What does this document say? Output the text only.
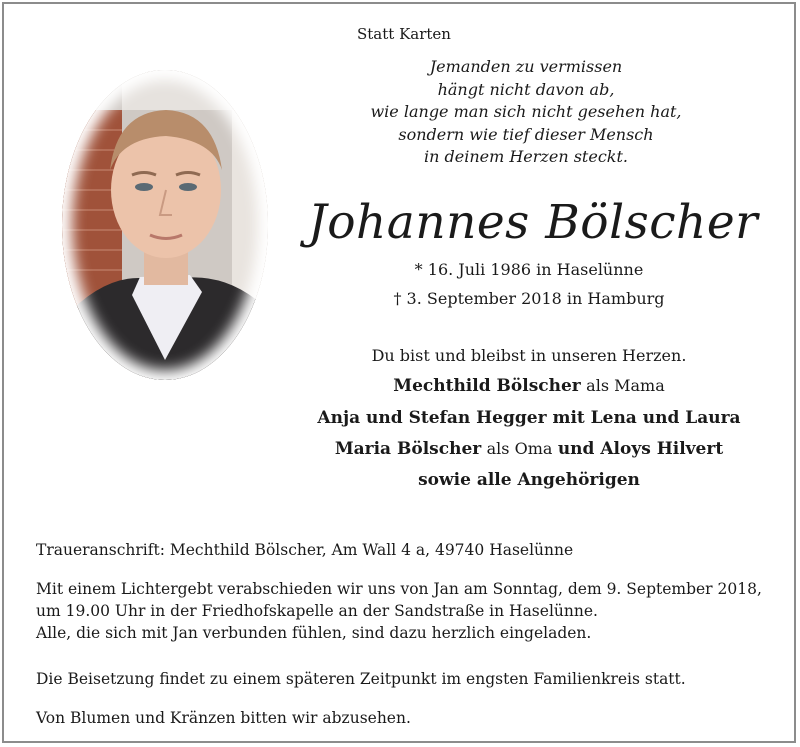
Statt Karten
Jemanden zu vermissen
hängt nicht davon ab,
wie lange man sich nicht gesehen hat,
sondern wie tief dieser Mensch
in deinem Herzen steckt.
Johannes Bölscher
* 16. Juli 1986 in Haselünne
† 3. September 2018 in Hamburg
Du bist und bleibst in unseren Herzen.
Mechthild Bölscher als Mama
Anja und Stefan Hegger mit Lena und Laura
Maria Bölscher als Oma und Aloys Hilvert
sowie alle Angehörigen
Traueranschrift: Mechthild Bölscher, Am Wall 4 a, 49740 Haselünne
Mit einem Lichtergebt verabschieden wir uns von Jan am Sonntag, dem 9. September 2018,
um 19.00 Uhr in der Friedhofskapelle an der Sandstraße in Haselünne.
Alle, die sich mit Jan verbunden fühlen, sind dazu herzlich eingeladen.
Die Beisetzung findet zu einem späteren Zeitpunkt im engsten Familienkreis statt.
Von Blumen und Kränzen bitten wir abzusehen.
